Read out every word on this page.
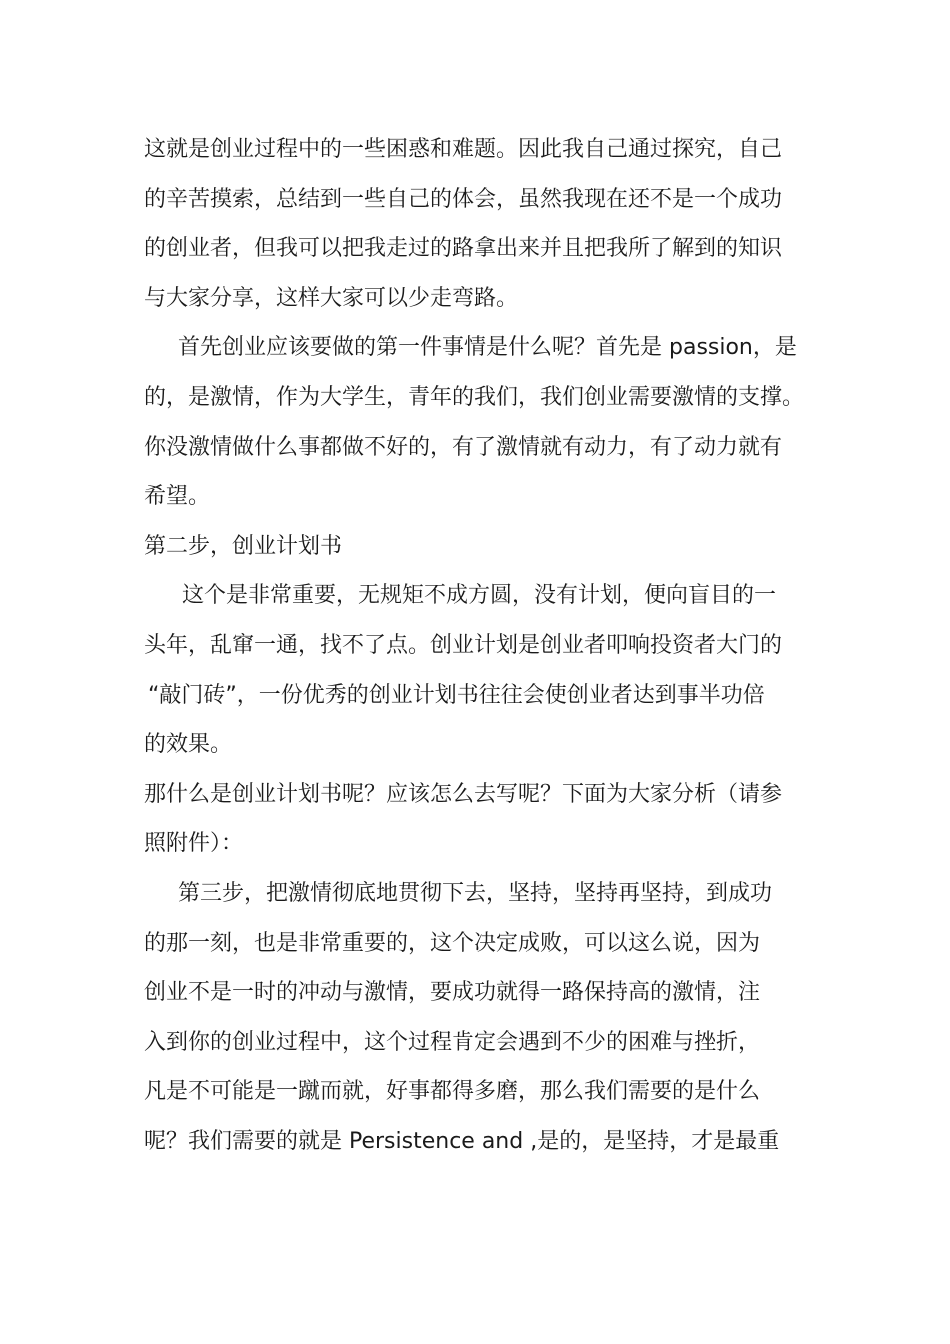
这就是创业过程中的一些困惑和难题。因此我自己通过探究，自己
的辛苦摸索，总结到一些自己的体会，虽然我现在还不是一个成功
的创业者，但我可以把我走过的路拿出来并且把我所了解到的知识
与大家分享，这样大家可以少走弯路。
首先创业应该要做的第一件事情是什么呢？首先是 passion，是
的，是激情，作为大学生，青年的我们，我们创业需要激情的支撑。
你没激情做什么事都做不好的，有了激情就有动力，有了动力就有
希望。
第二步，创业计划书
这个是非常重要，无规矩不成方圆，没有计划，便向盲目的一
头年，乱窜一通，找不了点。创业计划是创业者叩响投资者大门的
“敲门砖”，一份优秀的创业计划书往往会使创业者达到事半功倍
的效果。
那什么是创业计划书呢？应该怎么去写呢？下面为大家分析（请参
照附件）：
第三步，把激情彻底地贯彻下去，坚持，坚持再坚持，到成功
的那一刻，也是非常重要的，这个决定成败，可以这么说，因为
创业不是一时的冲动与激情，要成功就得一路保持高的激情，注
入到你的创业过程中，这个过程肯定会遇到不少的困难与挫折，
凡是不可能是一蹴而就，好事都得多磨，那么我们需要的是什么
呢？我们需要的就是 Persistence and ,是的，是坚持，才是最重
